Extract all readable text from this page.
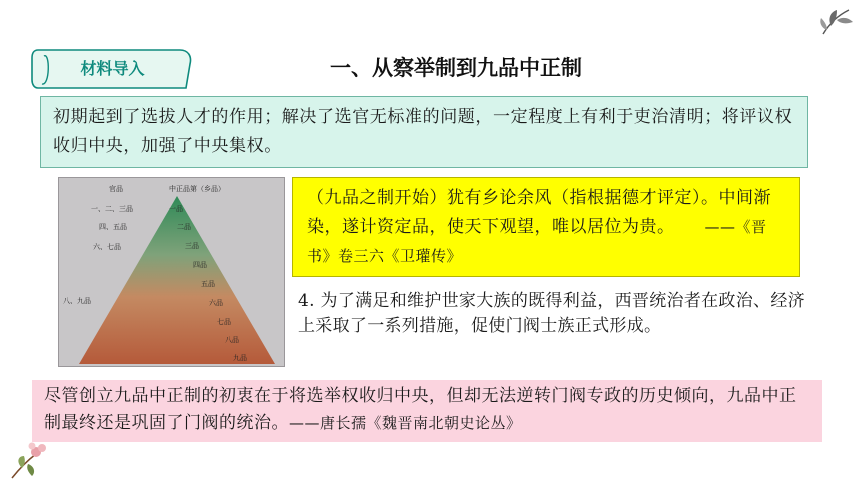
材料导入	一、从察举制到九品中正制
初期起到了选拔人才的作用；解决了选官无标准的问题，一定程度上有利于吏治清明；将评议权收归中央，加强了中央集权。
官品	中正品第（乡品）
一、二、三品
四、五品
六、七品
八、九品
一品
二品
三品
四品
五品
六品
七品
八品
九品
（九品之制开始）犹有乡论余风（指根据德才评定）。中间渐染，遂计资定品，使天下观望，唯以居位为贵。 ——《晋书》卷三六《卫瓘传》
4. 为了满足和维护世家大族的既得利益，西晋统治者在政治、经济上采取了一系列措施，促使门阀士族正式形成。
尽管创立九品中正制的初衷在于将选举权收归中央，但却无法逆转门阀专政的历史倾向，九品中正制最终还是巩固了门阀的统治。——唐长孺《魏晋南北朝史论丛》
